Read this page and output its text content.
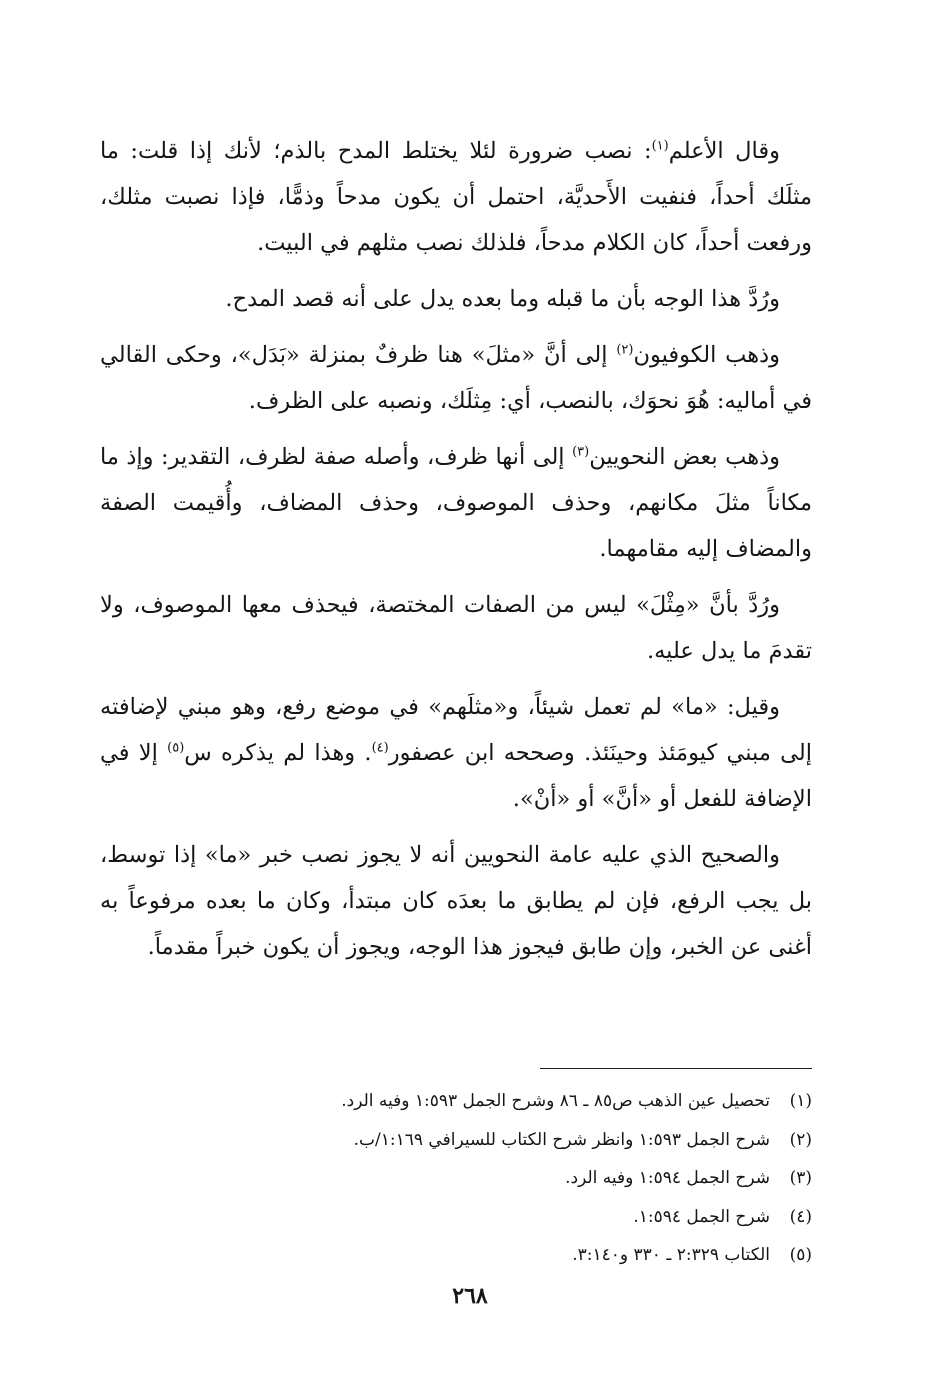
وقال الأعلم$^{(١)}$: نصب ضرورة لئلا يختلط المدح بالذم؛ لأنك إذا قلت: ما مثلَك أحداً، فنفيت الأَحديَّة، احتمل أن يكون مدحاً وذمًّا، فإذا نصبت مثلك، ورفعت أحداً، كان الكلام مدحاً، فلذلك نصب مثلهم في البيت.

ورُدَّ هذا الوجه بأن ما قبله وما بعده يدل على أنه قصد المدح.

وذهب الكوفيون$^{(٢)}$ إلى أنَّ «مثلَ» هنا ظرفٌ بمنزلة «بَدَل»، وحكى القالي في أماليه: هُوَ نحوَك، بالنصب، أي: مِثلَك، ونصبه على الظرف.

وذهب بعض النحويين$^{(٣)}$ إلى أنها ظرف، وأصله صفة لظرف، التقدير: وإذ ما مكاناً مثلَ مكانهم، وحذف الموصوف، وحذف المضاف، وأُقيمت الصفة والمضاف إليه مقامهما.

ورُدَّ بأنَّ «مِثْلَ» ليس من الصفات المختصة، فيحذف معها الموصوف، ولا تقدمَ ما يدل عليه.

وقيل: «ما» لم تعمل شيئاً، و«مثلَهم» في موضع رفع، وهو مبني لإضافته إلى مبني كيومَئذ وحينَئذ. وصححه ابن عصفور$^{(٤)}$. وهذا لم يذكره س$^{(٥)}$ إلا في الإضافة للفعل أو «أنَّ» أو «أنْ».

والصحيح الذي عليه عامة النحويين أنه لا يجوز نصب خبر «ما» إذا توسط، بل يجب الرفع، فإن لم يطابق ما بعدَه كان مبتدأ، وكان ما بعده مرفوعاً به أغنى عن الخبر، وإن طابق فيجوز هذا الوجه، ويجوز أن يكون خبراً مقدماً.

(١)تحصيل عين الذهب ص٨٥ ـ ٨٦ وشرح الجمل ١:٥٩٣ وفيه الرد.
(٢)شرح الجمل ١:٥٩٣ وانظر شرح الكتاب للسيرافي ١:١٦٩/ب.
(٣)شرح الجمل ١:٥٩٤ وفيه الرد.
(٤)شرح الجمل ١:٥٩٤.
(٥)الكتاب ٢:٣٢٩ ـ ٣٣٠ و٣:١٤٠.
٢٦٨
